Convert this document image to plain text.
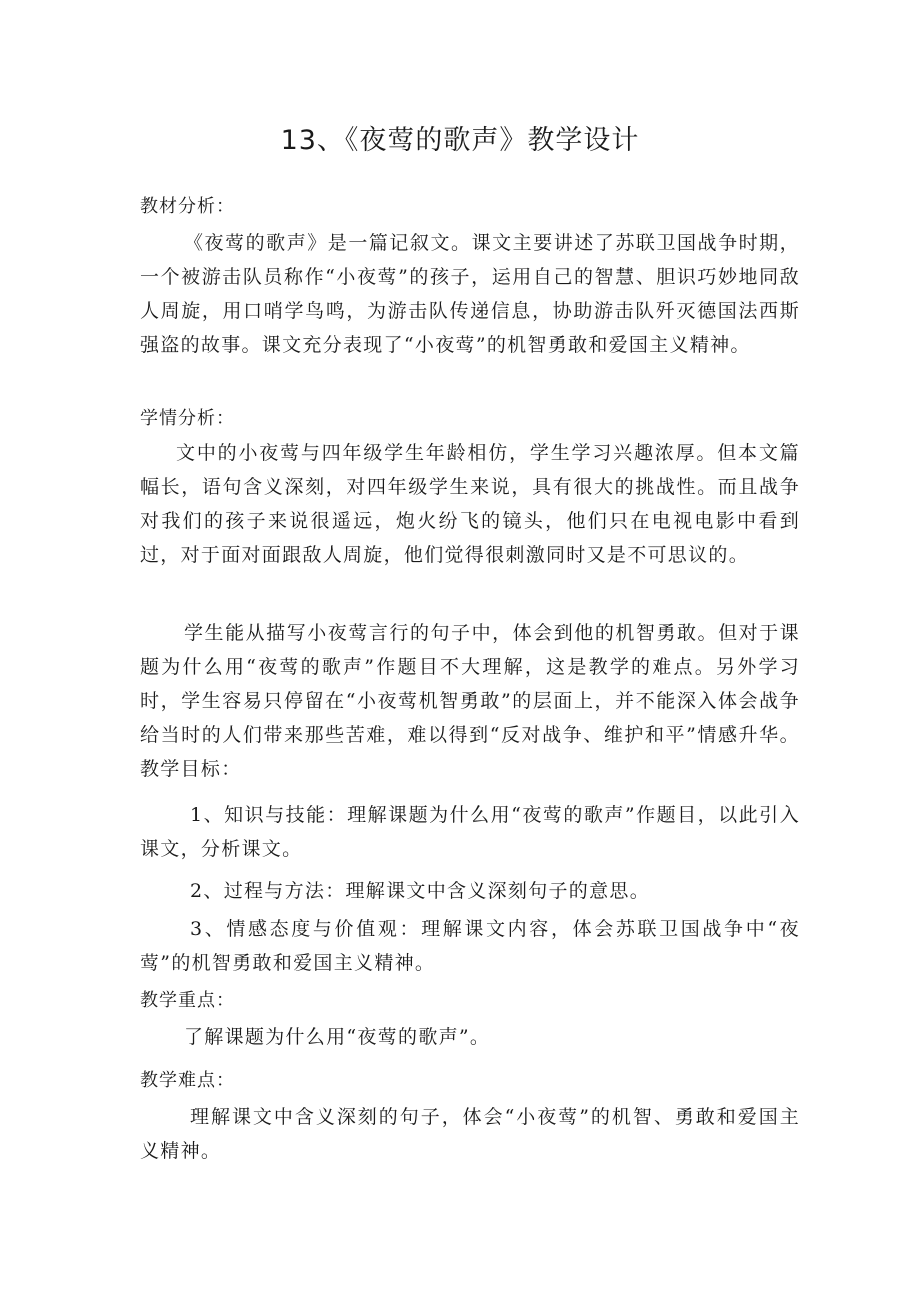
13、《夜莺的歌声》教学设计
教材分析：
《夜莺的歌声》是一篇记叙文。课文主要讲述了苏联卫国战争时期，一个被游击队员称作“小夜莺”的孩子，运用自己的智慧、胆识巧妙地同敌人周旋，用口哨学鸟鸣，为游击队传递信息，协助游击队歼灭德国法西斯强盗的故事。课文充分表现了“小夜莺”的机智勇敢和爱国主义精神。
学情分析：
文中的小夜莺与四年级学生年龄相仿，学生学习兴趣浓厚。但本文篇幅长，语句含义深刻，对四年级学生来说，具有很大的挑战性。而且战争对我们的孩子来说很遥远，炮火纷飞的镜头，他们只在电视电影中看到过，对于面对面跟敌人周旋，他们觉得很刺激同时又是不可思议的。
学生能从描写小夜莺言行的句子中，体会到他的机智勇敢。但对于课题为什么用“夜莺的歌声”作题目不大理解，这是教学的难点。另外学习时，学生容易只停留在“小夜莺机智勇敢”的层面上，并不能深入体会战争给当时的人们带来那些苦难，难以得到“反对战争、维护和平”情感升华。教学目标：
1、知识与技能：理解课题为什么用“夜莺的歌声”作题目，以此引入课文，分析课文。
2、过程与方法：理解课文中含义深刻句子的意思。
3、情感态度与价值观：理解课文内容，体会苏联卫国战争中“夜莺”的机智勇敢和爱国主义精神。
教学重点：
了解课题为什么用“夜莺的歌声”。
教学难点：
理解课文中含义深刻的句子，体会“小夜莺”的机智、勇敢和爱国主义精神。
